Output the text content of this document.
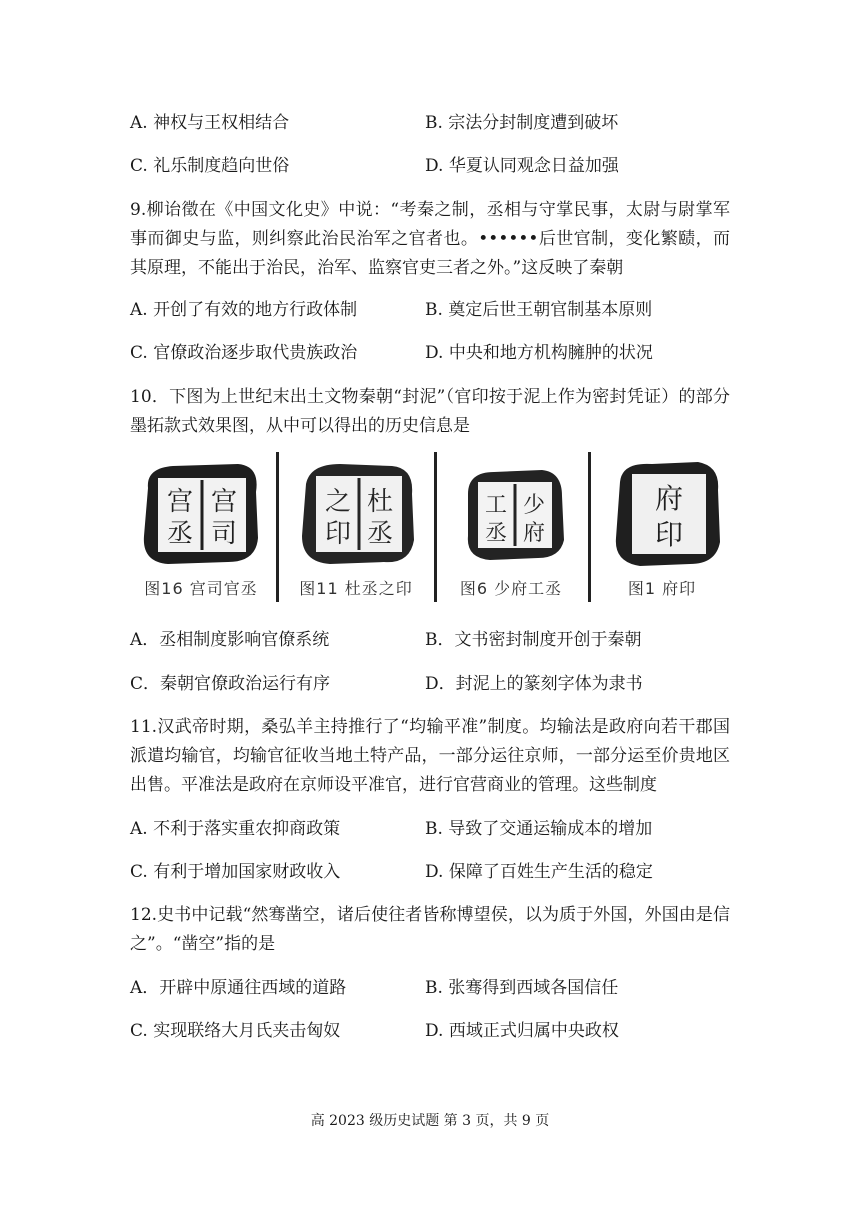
A. 神权与王权相结合	B. 宗法分封制度遭到破坏
C. 礼乐制度趋向世俗	D. 华夏认同观念日益加强
9.柳诒徵在《中国文化史》中说：“考秦之制，丞相与守掌民事，太尉与尉掌军事而御史与监，则纠察此治民治军之官者也。••••••后世官制，变化繁赜，而其原理，不能出于治民，治军、监察官吏三者之外。”这反映了秦朝
A. 开创了有效的地方行政体制	B. 奠定后世王朝官制基本原则
C. 官僚政治逐步取代贵族政治	D. 中央和地方机构臃肿的状况
10．下图为上世纪末出土文物秦朝“封泥”（官印按于泥上作为密封凭证）的部分墨拓款式效果图，从中可以得出的历史信息是
宫
司
宫
丞
图16 宫司官丞
杜
丞
之
印
图11 杜丞之印
少
府
工
丞
图6 少府工丞
府
印
图1 府印
A．丞相制度影响官僚系统	B．文书密封制度开创于秦朝
C．秦朝官僚政治运行有序	D．封泥上的篆刻字体为隶书
11.汉武帝时期，桑弘羊主持推行了“均输平准”制度。均输法是政府向若干郡国派遣均输官，均输官征收当地土特产品，一部分运往京师，一部分运至价贵地区出售。平准法是政府在京师设平准官，进行官营商业的管理。这些制度
A. 不利于落实重农抑商政策	B. 导致了交通运输成本的增加
C. 有利于增加国家财政收入	D. 保障了百姓生产生活的稳定
12.史书中记载“然骞凿空，诸后使往者皆称博望侯，以为质于外国，外国由是信之”。“凿空”指的是
A．开辟中原通往西域的道路	B. 张骞得到西域各国信任
C. 实现联络大月氏夹击匈奴	D. 西域正式归属中央政权
高 2023 级历史试题 第 3 页，共 9 页
